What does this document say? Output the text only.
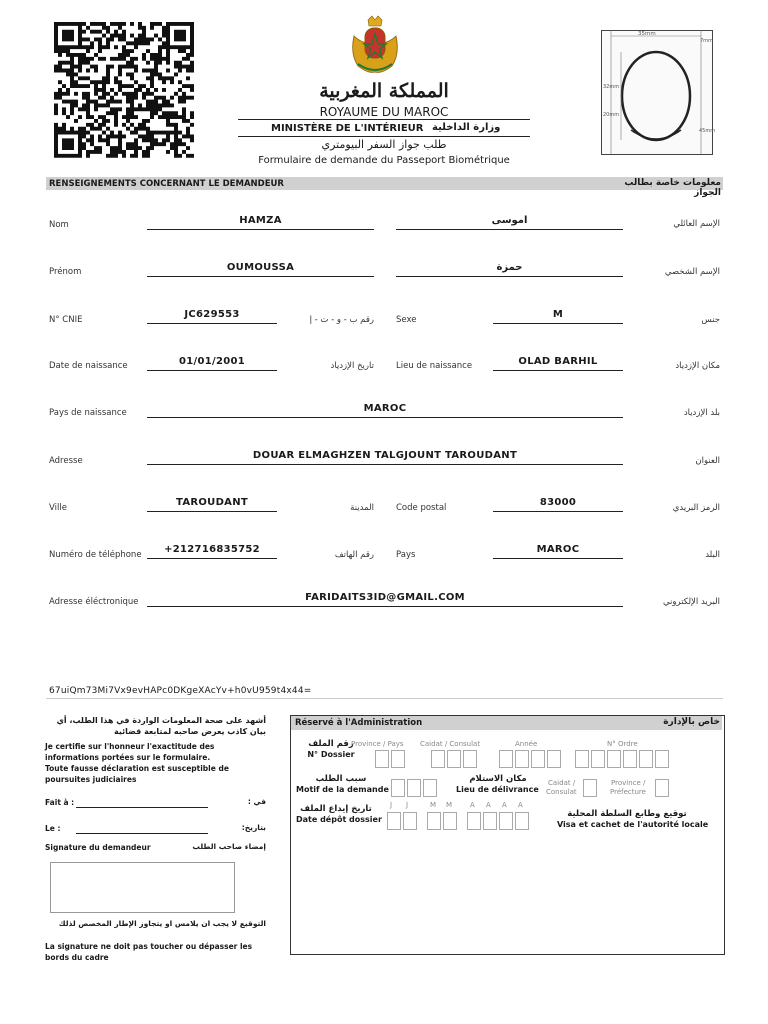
المملكة المغربية
ROYAUME DU MAROC
MINISTÈRE DE L'INTÉRIEUR وزارة الداخلية
طلب جواز السفر البيومتري
Formulaire de demande du Passeport Biométrique
35mm
7mm
32mm
20mm
45mm
RENSEIGNEMENTS CONCERNANT LE DEMANDEUR	معلومات خاصة بطالب الجواز
Nom	HAMZA	اموسى	الإسم العائلي
Prénom	OUMOUSSA	حمزة	الإسم الشخصي
N° CNIE	JC629553	رقم ب - و - ت - إ	Sexe	M	جنس
Date de naissance	01/01/2001	تاريخ الإزدياد	Lieu de naissance	OLAD BARHIL	مكان الإزدياد
Pays de naissance	MAROC	بلد الإزدياد
Adresse	DOUAR ELMAGHZEN TALGJOUNT TAROUDANT	العنوان
Ville	TAROUDANT	المدينة	Code postal	83000	الرمز البريدي
Numéro de téléphone	+212716835752	رقم الهاتف	Pays	MAROC	البلد
Adresse éléctronique	FARIDAITS3ID@GMAIL.COM	البريد الإلكتروني
67uiQm73Mi7Vx9evHAPc0DKgeXAcYv+h0vU959t4x44=
أشهد على صحة المعلومات الواردة في هذا الطلب، أي بيان كاذب يعرض صاحبه لمتابعة قضائية
Je certifie sur l'honneur l'exactitude des
informations portées sur le formulaire.
Toute fausse déclaration est susceptible de
poursuites judiciaires
Fait à :	في :
Le :	بتاريخ:
Signature du demandeur	إمضاء صاحب الطلب
التوقيع لا يجب ان يلامس او يتجاوز الإطار المخصص لذلك
La signature ne doit pas toucher ou dépasser les
bords du cadre
Réservé à l'Administration	خاص بالإدارة
رقم الملف
N° Dossier
Province / Pays Caidat / Consulat	Année	N° Ordre
سبب الطلب
Motif de la demande
مكان الاستلام
Lieu de délivrance
Caidat /
Consulat
Province /
Préfecture
تاريخ إيداع الملف
Date dépôt dossier
J J	M M	A A A A
توقيع وطابع السلطة المحلية
Visa et cachet de l'autorité locale
